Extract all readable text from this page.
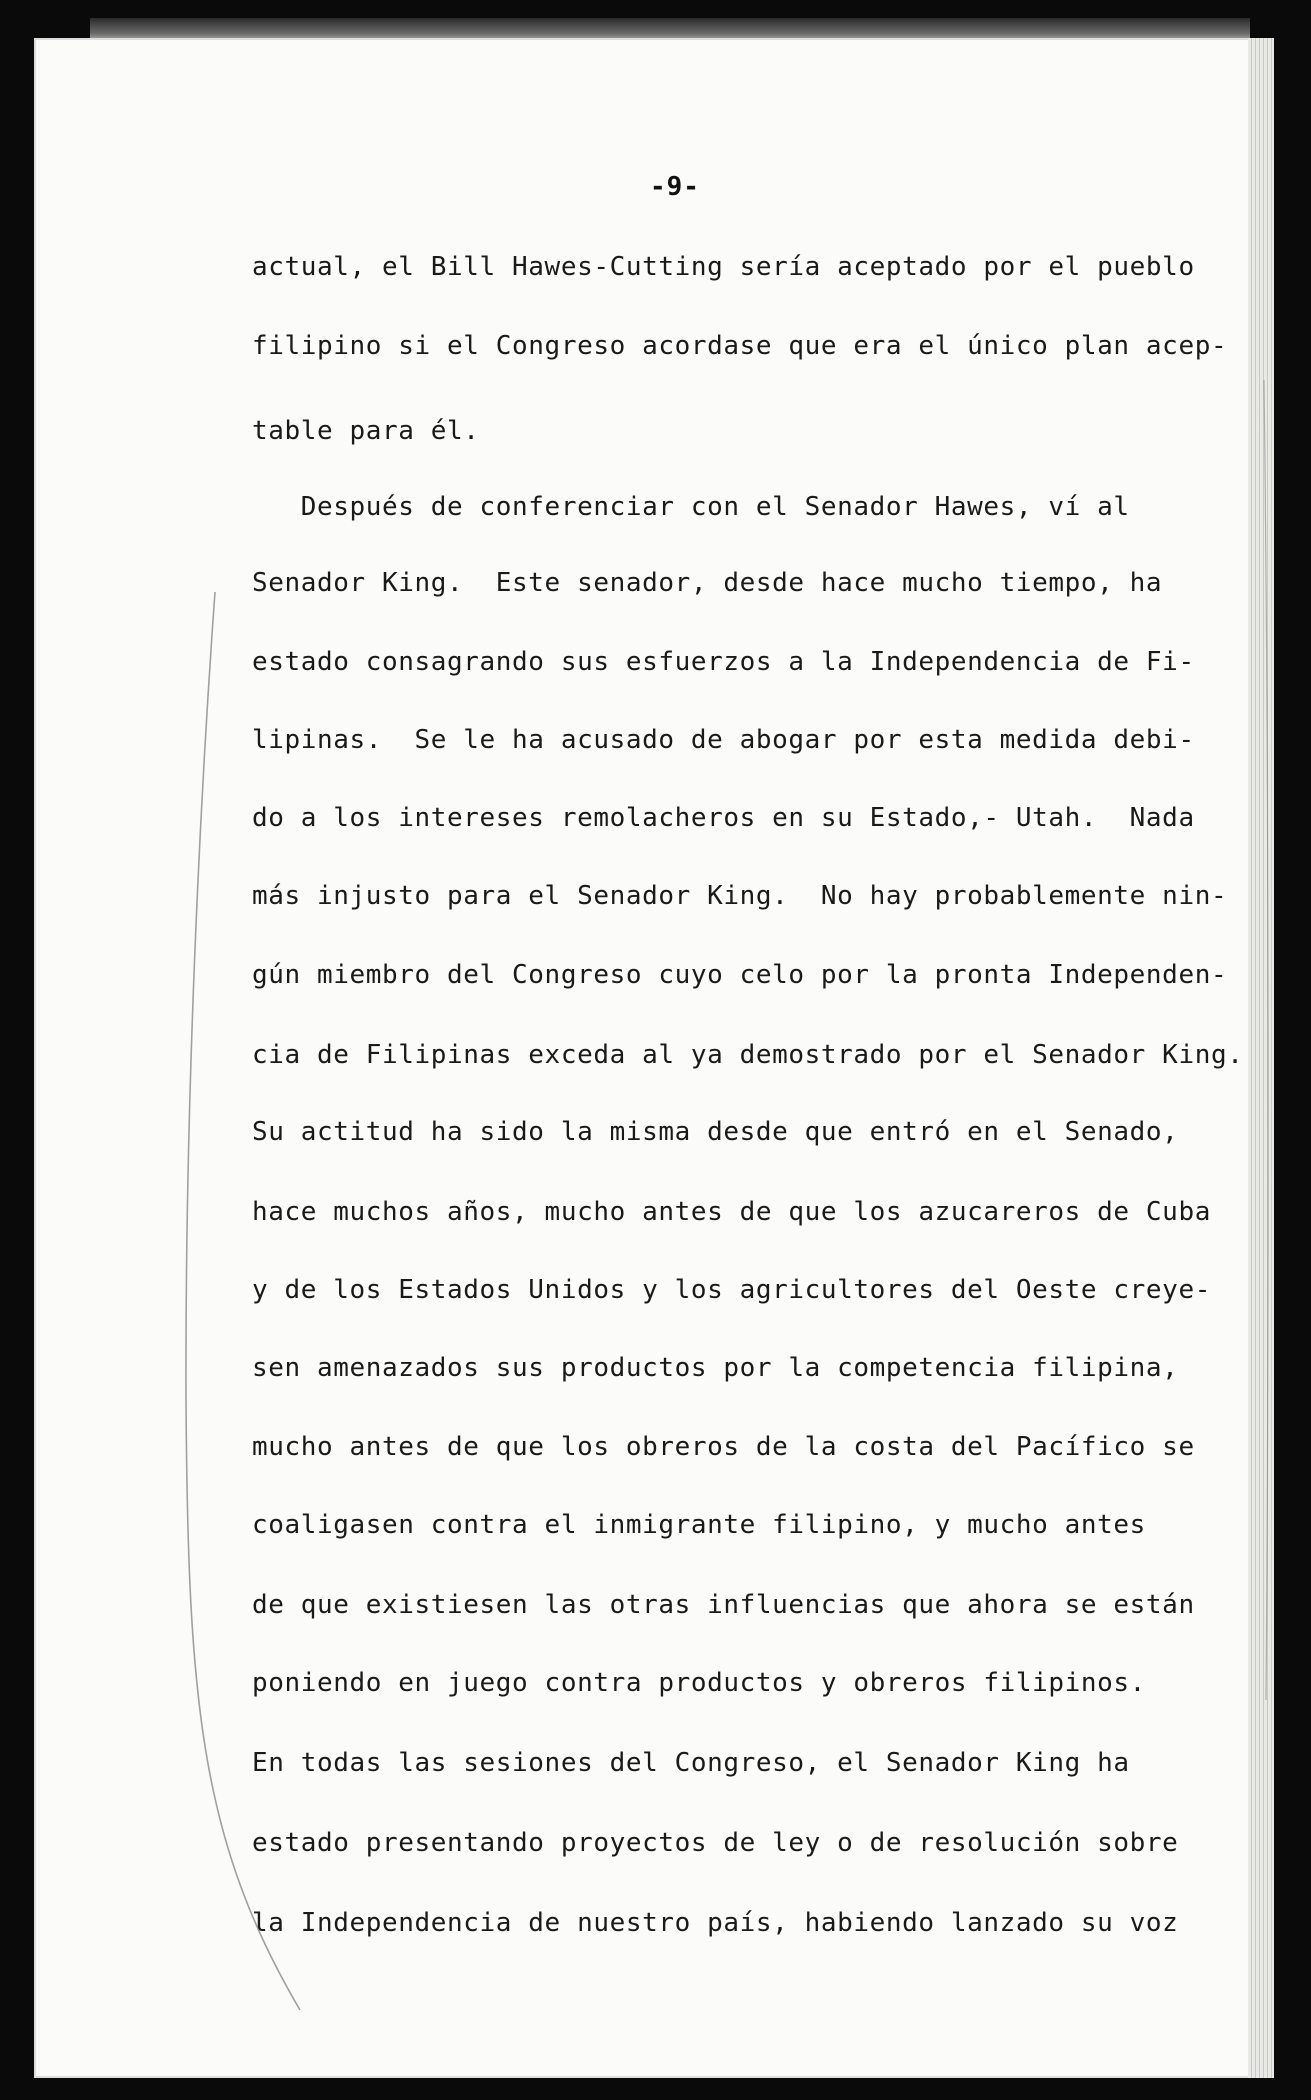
-9-
actual, el Bill Hawes-Cutting sería aceptado por el pueblo
filipino si el Congreso acordase que era el único plan acep-
table para él.
Después de conferenciar con el Senador Hawes, ví al
Senador King.  Este senador, desde hace mucho tiempo, ha
estado consagrando sus esfuerzos a la Independencia de Fi-
lipinas.  Se le ha acusado de abogar por esta medida debi-
do a los intereses remolacheros en su Estado,- Utah.  Nada
más injusto para el Senador King.  No hay probablemente nin-
gún miembro del Congreso cuyo celo por la pronta Independen-
cia de Filipinas exceda al ya demostrado por el Senador King.
Su actitud ha sido la misma desde que entró en el Senado,
hace muchos años, mucho antes de que los azucareros de Cuba
y de los Estados Unidos y los agricultores del Oeste creye-
sen amenazados sus productos por la competencia filipina,
mucho antes de que los obreros de la costa del Pacífico se
coaligasen contra el inmigrante filipino, y mucho antes
de que existiesen las otras influencias que ahora se están
poniendo en juego contra productos y obreros filipinos.
En todas las sesiones del Congreso, el Senador King ha
estado presentando proyectos de ley o de resolución sobre
la Independencia de nuestro país, habiendo lanzado su voz
